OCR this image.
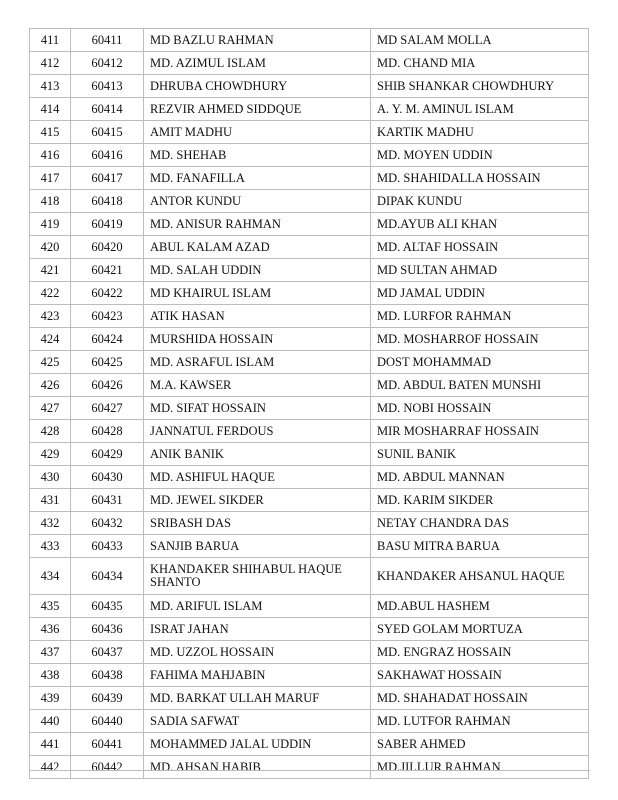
411	60411	MD BAZLU RAHMAN	MD SALAM MOLLA
412	60412	MD. AZIMUL ISLAM	MD. CHAND MIA
413	60413	DHRUBA CHOWDHURY	SHIB SHANKAR CHOWDHURY
414	60414	REZVIR AHMED SIDDQUE	A. Y. M. AMINUL ISLAM
415	60415	AMIT MADHU	KARTIK MADHU
416	60416	MD. SHEHAB	MD. MOYEN UDDIN
417	60417	MD. FANAFILLA	MD. SHAHIDALLA HOSSAIN
418	60418	ANTOR KUNDU	DIPAK KUNDU
419	60419	MD. ANISUR RAHMAN	MD.AYUB ALI KHAN
420	60420	ABUL KALAM AZAD	MD. ALTAF HOSSAIN
421	60421	MD. SALAH UDDIN	MD SULTAN AHMAD
422	60422	MD KHAIRUL ISLAM	MD JAMAL UDDIN
423	60423	ATIK HASAN	MD. LURFOR RAHMAN
424	60424	MURSHIDA HOSSAIN	MD. MOSHARROF HOSSAIN
425	60425	MD. ASRAFUL ISLAM	DOST MOHAMMAD
426	60426	M.A. KAWSER	MD. ABDUL BATEN MUNSHI
427	60427	MD. SIFAT HOSSAIN	MD. NOBI HOSSAIN
428	60428	JANNATUL FERDOUS	MIR MOSHARRAF HOSSAIN
429	60429	ANIK BANIK	SUNIL BANIK
430	60430	MD. ASHIFUL HAQUE	MD. ABDUL MANNAN
431	60431	MD. JEWEL SIKDER	MD. KARIM SIKDER
432	60432	SRIBASH DAS	NETAY CHANDRA DAS
433	60433	SANJIB BARUA	BASU MITRA BARUA
434	60434	KHANDAKER SHIHABUL HAQUE SHANTO	KHANDAKER AHSANUL HAQUE
435	60435	MD. ARIFUL ISLAM	MD.ABUL HASHEM
436	60436	ISRAT JAHAN	SYED GOLAM MORTUZA
437	60437	MD. UZZOL HOSSAIN	MD. ENGRAZ HOSSAIN
438	60438	FAHIMA MAHJABIN	SAKHAWAT HOSSAIN
439	60439	MD. BARKAT ULLAH MARUF	MD. SHAHADAT HOSSAIN
440	60440	SADIA SAFWAT	MD. LUTFOR RAHMAN
441	60441	MOHAMMED JALAL UDDIN	SABER AHMED
442	60442	MD. AHSAN HABIB	MD.JILLUR RAHMAN
